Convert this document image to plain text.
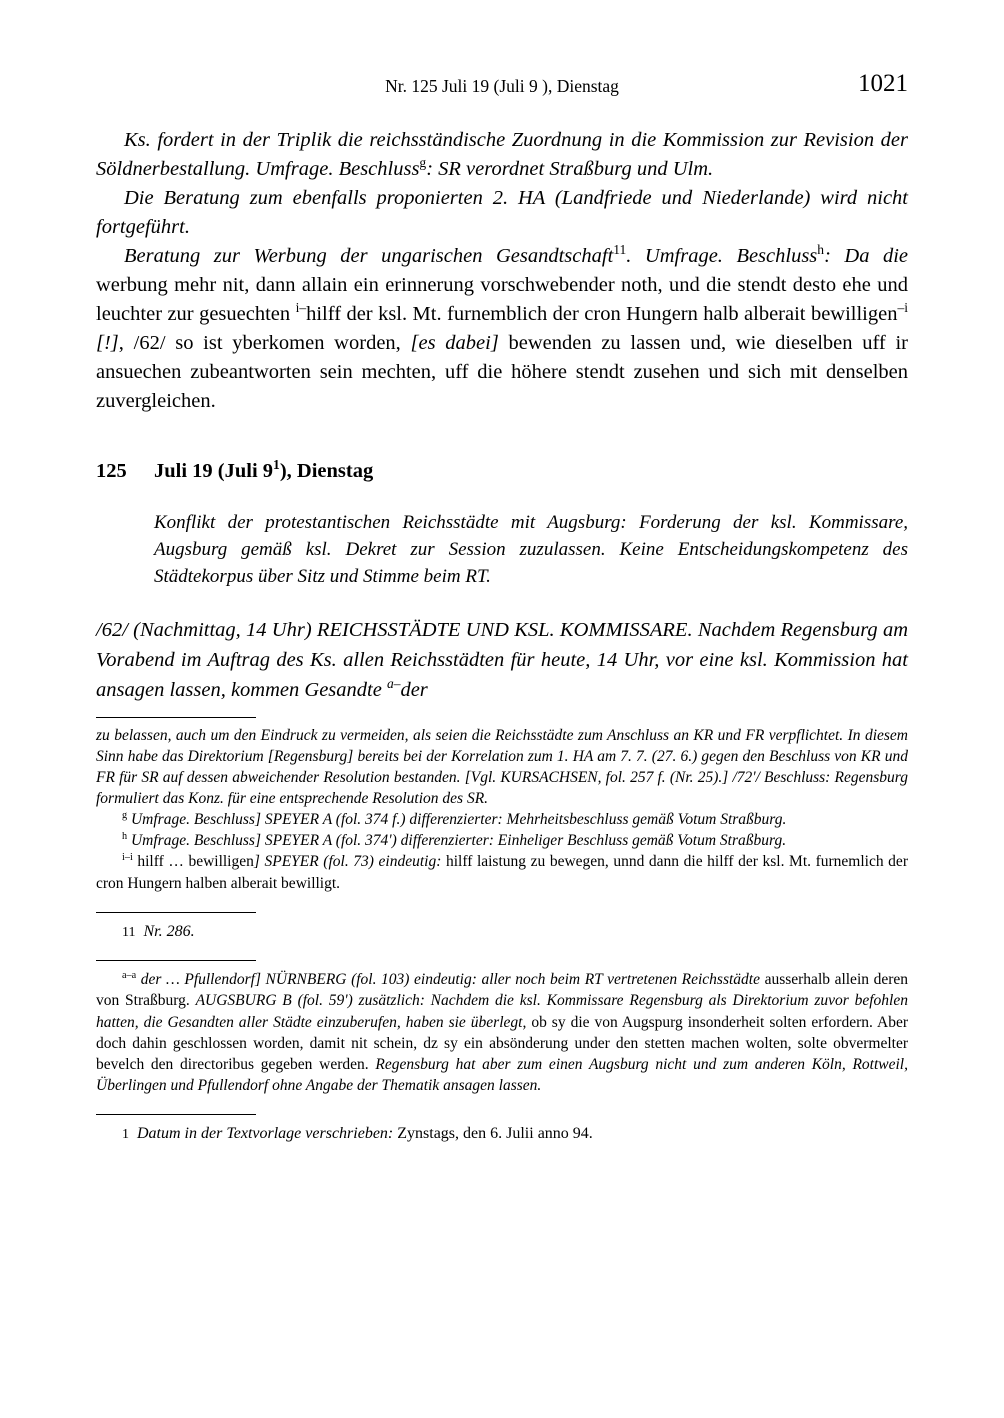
Nr. 125 Juli 19 (Juli 9 ), Dienstag	1021

Ks. fordert in der Triplik die reichsständische Zuordnung in die Kommission zur Revision der Söldnerbestallung. Umfrage. Beschluss$^g$: SR verordnet Straßburg und Ulm.

Die Beratung zum ebenfalls proponierten 2. HA (Landfriede und Niederlande) wird nicht fortgeführt.

Beratung zur Werbung der ungarischen Gesandtschaft$^{11}$. Umfrage. Beschluss$^h$: Da die werbung mehr nit, dann allain ein erinnerung vorschwebender noth, und die stendt desto ehe und leuchter zur gesuechten $^{i-}$hilff der ksl. Mt. furnemblich der cron Hungern halb alberait bewilligen$^{-i}$ [!], /62/ so ist yberkomen worden, [es dabei] bewenden zu lassen und, wie dieselben uff ir ansuechen zubeantworten sein mechten, uff die höhere stendt zusehen und sich mit denselben zuvergleichen.

125	Juli 19 (Juli $9^1$), Dienstag
Konflikt der protestantischen Reichsstädte mit Augsburg: Forderung der ksl. Kommissare, Augsburg gemäß ksl. Dekret zur Session zuzulassen. Keine Entscheidungskompetenz des Städtekorpus über Sitz und Stimme beim RT.
/62/ (Nachmittag, 14 Uhr) REICHSSTÄDTE UND KSL. KOMMISSARE. Nachdem Regensburg am Vorabend im Auftrag des Ks. allen Reichsstädten für heute, 14 Uhr, vor eine ksl. Kommission hat ansagen lassen, kommen Gesandte $^{a-}$der

zu belassen, auch um den Eindruck zu vermeiden, als seien die Reichsstädte zum Anschluss an KR und FR verpflichtet. In diesem Sinn habe das Direktorium [Regensburg] bereits bei der Korrelation zum 1. HA am 7. 7. (27. 6.) gegen den Beschluss von KR und FR für SR auf dessen abweichender Resolution bestanden. [Vgl. KURSACHSEN, fol. 257 f. (Nr. 25).] /72'/ Beschluss: Regensburg formuliert das Konz. für eine entsprechende Resolution des SR.

$^g$ Umfrage. Beschluss] SPEYER A (fol. 374 f.) differenzierter: Mehrheitsbeschluss gemäß Votum Straßburg.

$^h$ Umfrage. Beschluss] SPEYER A (fol. 374') differenzierter: Einheliger Beschluss gemäß Votum Straßburg.

$^{i-i}$ hilff … bewilligen] SPEYER (fol. 73) eindeutig: hilff laistung zu bewegen, unnd dann die hilff der ksl. Mt. furnemlich der cron Hungern halben alberait bewilligt.

11 Nr. 286.

$^{a-a}$ der … Pfullendorf] NÜRNBERG (fol. 103) eindeutig: aller noch beim RT vertretenen Reichsstädte ausserhalb allein deren von Straßburg. AUGSBURG B (fol. 59') zusätzlich: Nachdem die ksl. Kommissare Regensburg als Direktorium zuvor befohlen hatten, die Gesandten aller Städte einzuberufen, haben sie überlegt, ob sy die von Augspurg insonderheit solten erfordern. Aber doch dahin geschlossen worden, damit nit schein, dz sy ein absönderung under den stetten machen wolten, solte obvermelter bevelch den directoribus gegeben werden. Regensburg hat aber zum einen Augsburg nicht und zum anderen Köln, Rottweil, Überlingen und Pfullendorf ohne Angabe der Thematik ansagen lassen.

1 Datum in der Textvorlage verschrieben: Zynstags, den 6. Julii anno 94.
